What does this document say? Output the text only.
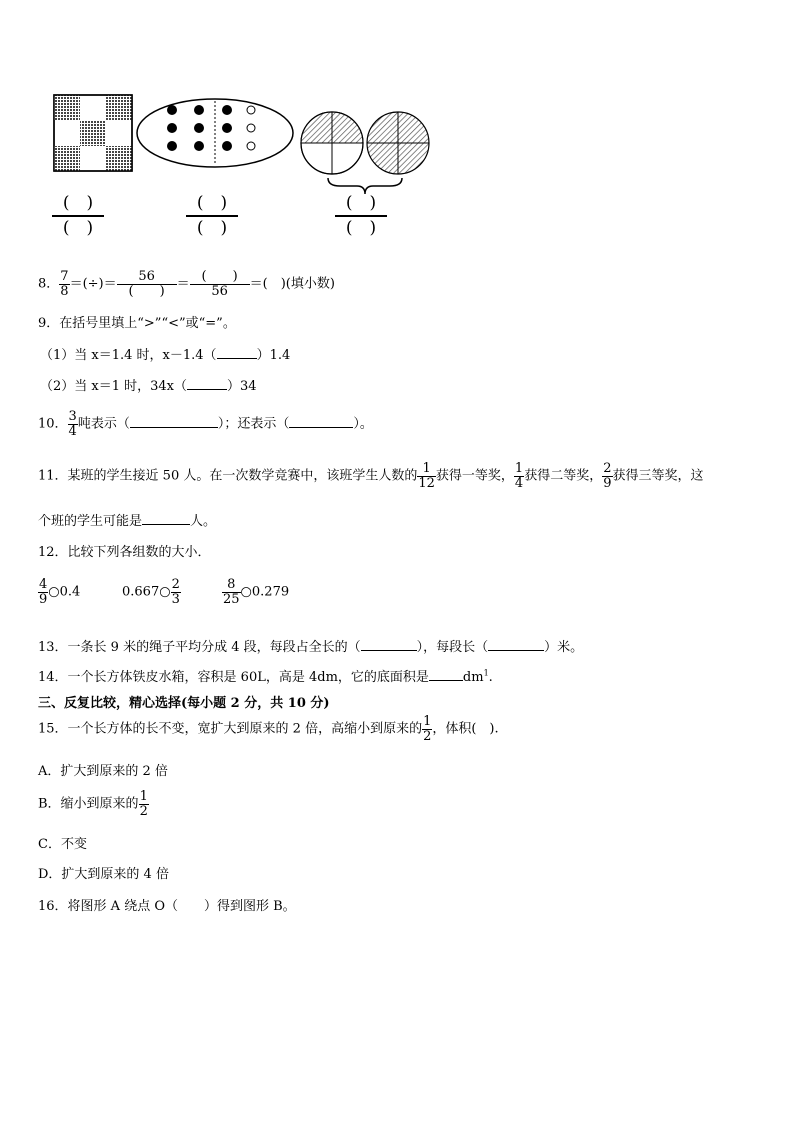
(　)
(　)
(　)
(　)
(　)
(　)
8． $\frac{7}{8}$ ＝(÷)＝ $\frac{56}{( )} = \frac{( )}{56}$ ＝(　)(填小数)
9．在括号里填上“>”“<”或“=”。
（1）当 x＝1.4 时，x－1.4（	）1.4
（2）当 x＝1 时，34x（	）34
10． $\frac{3}{4}$ 吨表示（	）；还表示（	）。
11．某班的学生接近 50 人。在一次数学竞赛中，该班学生人数的 $\frac{1}{12}$ 获得一等奖， $\frac{1}{4}$ 获得二等奖， $\frac{2}{9}$ 获得三等奖，这
个班的学生可能是	人。
12．比较下列各组数的大小．
$\frac{4}{9}$ ○0.4	0.667○ $\frac{2}{3}$	$\frac{8}{25}$ ○0.279
13．一条长 9 米的绳子平均分成 4 段，每段占全长的（	），每段长（	）米。
14．一个长方体铁皮水箱，容积是 60L，高是 4dm，它的底面积是	$dm^1$.
三、反复比较，精心选择(每小题 2 分，共 10 分)
15．一个长方体的长不变，宽扩大到原来的 2 倍，高缩小到原来的 $\frac{1}{2}$ ，体积(　).
A．扩大到原来的 2 倍
B．缩小到原来的 $\frac{1}{2}$
C．不变
D．扩大到原来的 4 倍
16．将图形 A 绕点 O（　　）得到图形 B。
